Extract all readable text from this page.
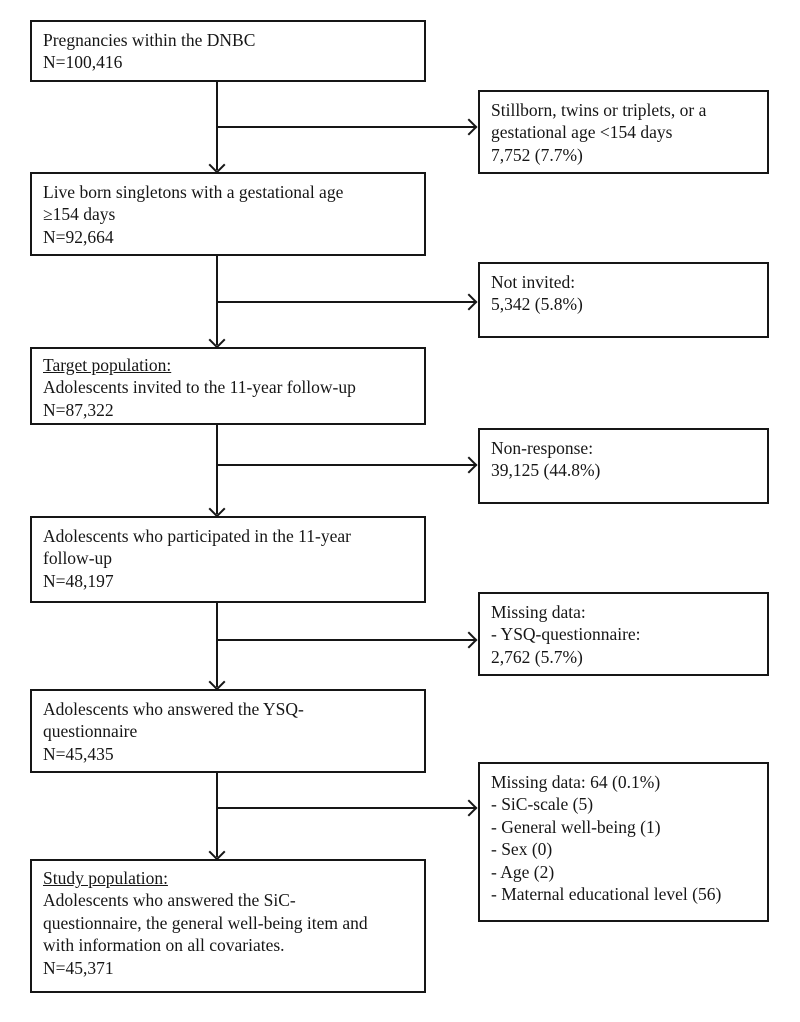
Pregnancies within the DNBC
N=100,416
Live born singletons with a gestational age
≥154 days
N=92,664
Target population:
Adolescents invited to the 11-year follow-up
N=87,322
Adolescents who participated in the 11-year
follow-up
N=48,197
Adolescents who answered the YSQ-
questionnaire
N=45,435
Study population:
Adolescents who answered the SiC-
questionnaire, the general well-being item and
with information on all covariates.
N=45,371
Stillborn, twins or triplets, or a
gestational age <154 days
7,752 (7.7%)
Not invited:
5,342 (5.8%)
Non-response:
39,125 (44.8%)
Missing data:
- YSQ-questionnaire:
2,762 (5.7%)
Missing data: 64 (0.1%)
- SiC-scale (5)
- General well-being (1)
- Sex (0)
- Age (2)
- Maternal educational level (56)
